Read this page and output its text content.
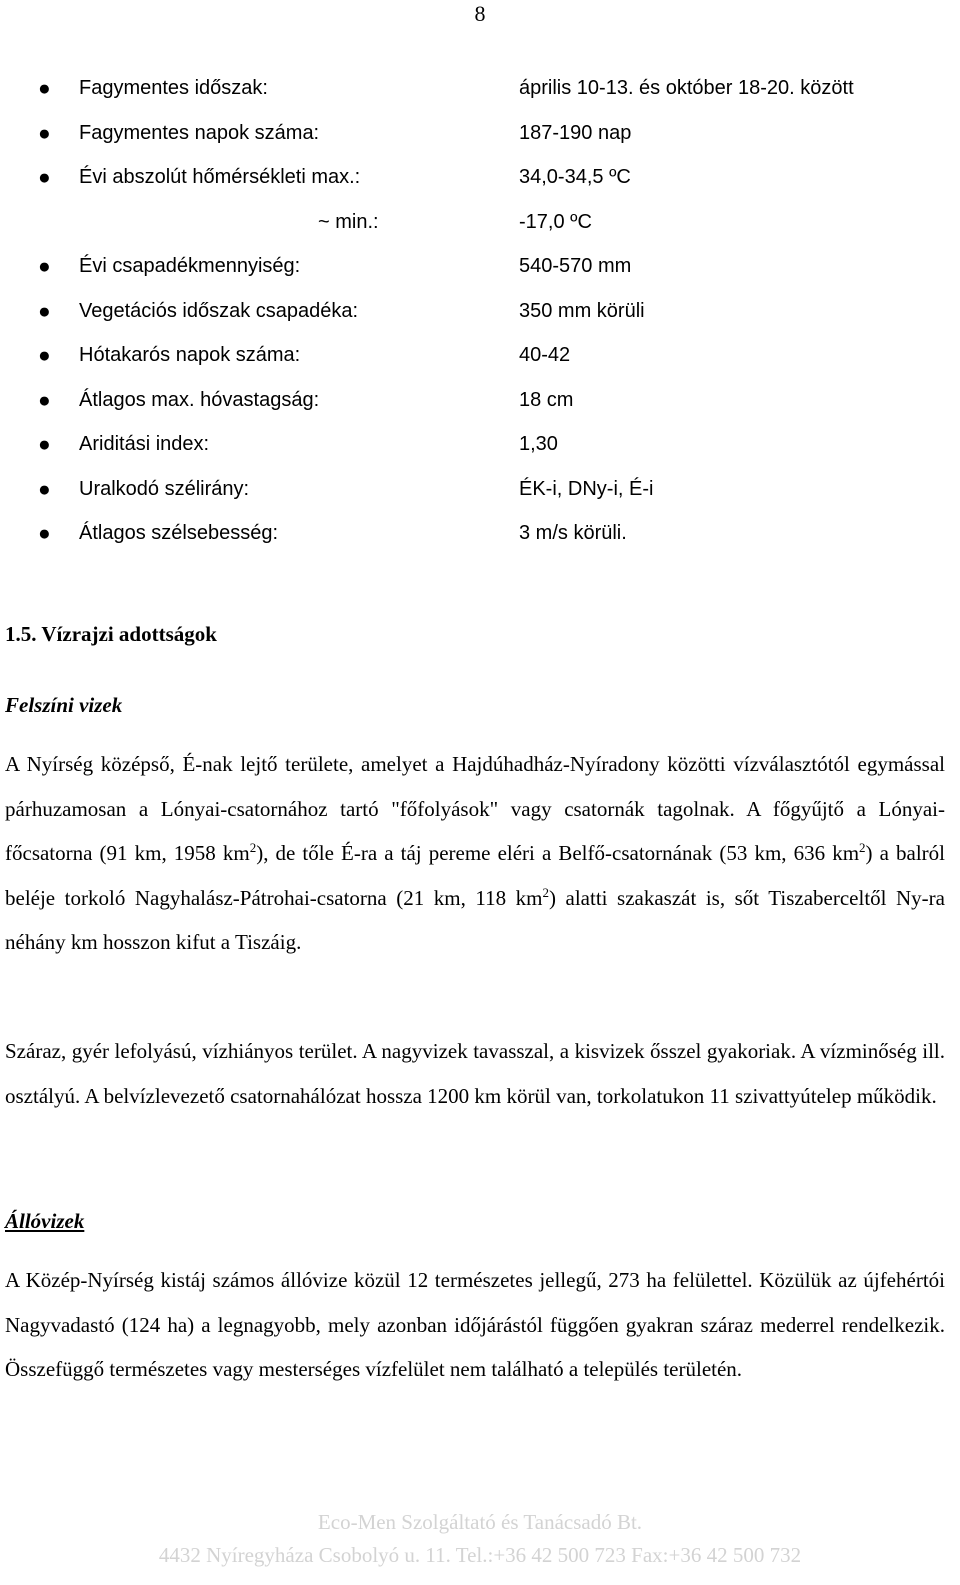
8
● Fagymentes időszak:	április 10-13. és október 18-20. között
● Fagymentes napok száma:	187-190 nap
● Évi abszolút hőmérsékleti max.:	34,0-34,5 ºC
~ min.:	-17,0 ºC
● Évi csapadékmennyiség:	540-570 mm
● Vegetációs időszak csapadéka:	350 mm körüli
● Hótakarós napok száma:	40-42
● Átlagos max. hóvastagság:	18 cm
● Ariditási index:	1,30
● Uralkodó szélirány:	ÉK-i, DNy-i, É-i
● Átlagos szélsebesség:	3 m/s körüli.
1.5. Vízrajzi adottságok
Felszíni vizek

A Nyírség középső, É-nak lejtő területe, amelyet a Hajdúhadház-Nyíradony közötti vízválasztótól egymással párhuzamosan a Lónyai-csatornához tartó "főfolyások" vagy csatornák tagolnak. A főgyűjtő a Lónyai-főcsatorna (91 km, 1958 $km^2$), de tőle É-ra a táj pereme eléri a Belfő-csatornának (53 km, 636 $km^2$) a balról beléje torkoló Nagyhalász-Pátrohai-csatorna (21 km, 118 $km^2$) alatti szakaszát is, sőt Tiszaberceltől Ny-ra néhány km hosszon kifut a Tiszáig.

Száraz, gyér lefolyású, vízhiányos terület. A nagyvizek tavasszal, a kisvizek ősszel gyakoriak. A vízminőség ill. osztályú. A belvízlevezető csatornahálózat hossza 1200 km körül van, torkolatukon 11 szivattyútelep működik.

Állóvizek

A Közép-Nyírség kistáj számos állóvize közül 12 természetes jellegű, 273 ha felülettel. Közülük az újfehértói Nagyvadastó (124 ha) a legnagyobb, mely azonban időjárástól függően gyakran száraz mederrel rendelkezik. Összefüggő természetes vagy mesterséges vízfelület nem található a település területén.

Eco-Men Szolgáltató és Tanácsadó Bt.
4432 Nyíregyháza Csobolyó u. 11. Tel.:+36 42 500 723 Fax:+36 42 500 732
